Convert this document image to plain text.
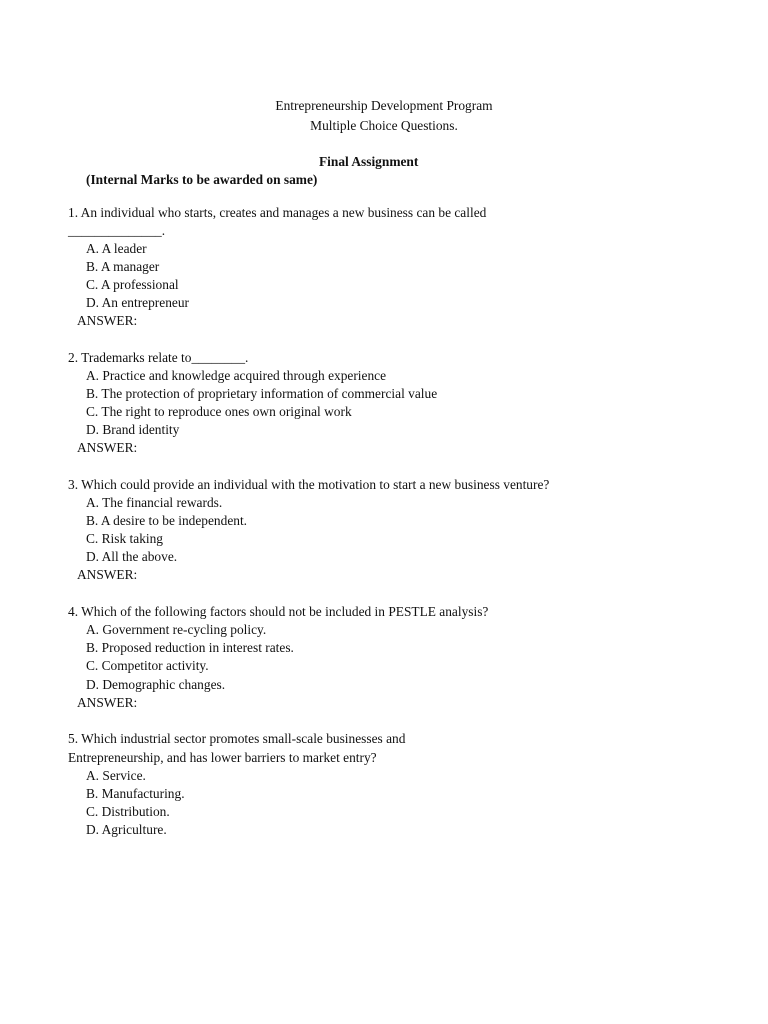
Entrepreneurship Development Program
Multiple Choice Questions.
Final Assignment
(Internal Marks to be awarded on same)
1. An individual who starts, creates and manages a new business can be called
______________.
A. A leader
B. A manager
C. A professional
D. An entrepreneur
ANSWER:
2. Trademarks relate to________.
A. Practice and knowledge acquired through experience
B. The protection of proprietary information of commercial value
C. The right to reproduce ones own original work
D. Brand identity
ANSWER:
3. Which could provide an individual with the motivation to start a new business venture?
A. The financial rewards.
B. A desire to be independent.
C. Risk taking
D. All the above.
ANSWER:
4. Which of the following factors should not be included in PESTLE analysis?
A. Government re-cycling policy.
B. Proposed reduction in interest rates.
C. Competitor activity.
D. Demographic changes.
ANSWER:
5. Which industrial sector promotes small-scale businesses and
Entrepreneurship, and has lower barriers to market entry?
A. Service.
B. Manufacturing.
C. Distribution.
D. Agriculture.
